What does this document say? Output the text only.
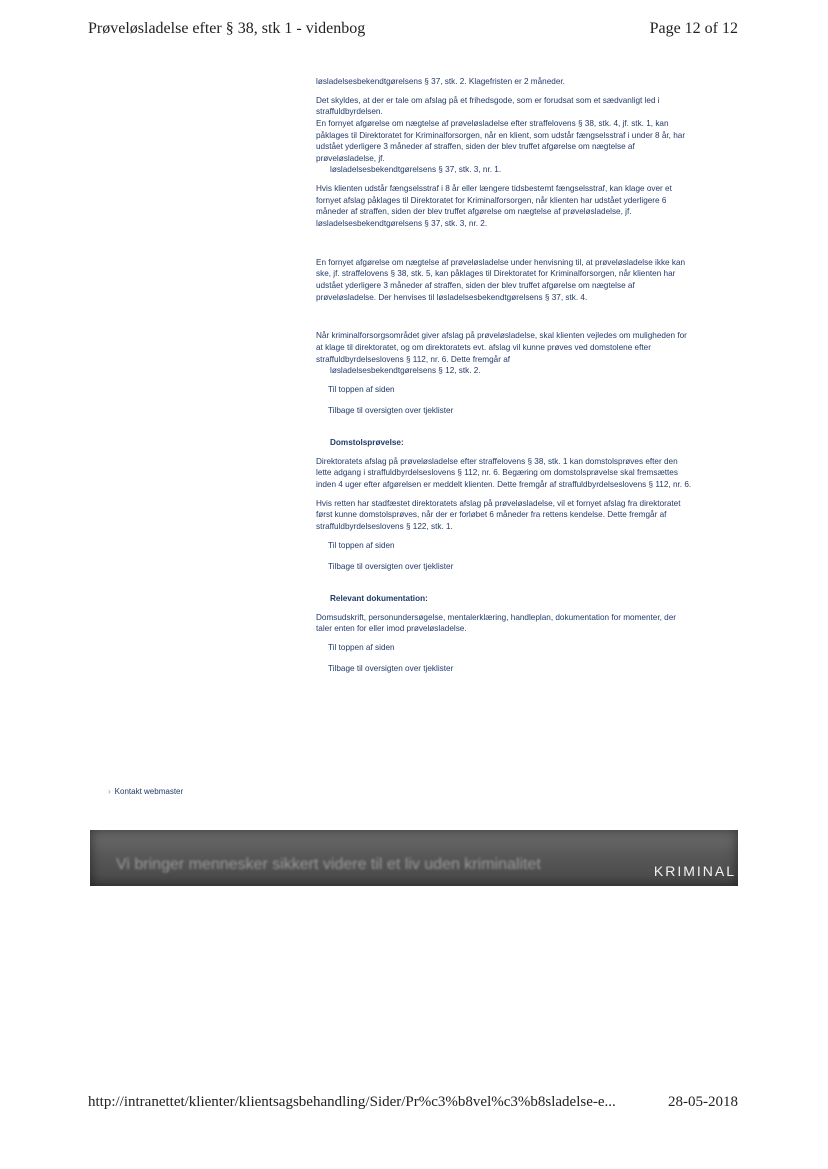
Prøveløsladelse efter § 38, stk 1 - videnbog	Page 12 of 12

løsladelsesbekendtgørelsens § 37, stk. 2. Klagefristen er 2 måneder.

Det skyldes, at der er tale om afslag på et frihedsgode, som er forudsat som et sædvanligt led i straffuldbyrdelsen.
En fornyet afgørelse om nægtelse af prøveløsladelse efter straffelovens § 38, stk. 4, jf. stk. 1, kan påklages til Direktoratet for Kriminalforsorgen, når en klient, som udstår fængselsstraf i under 8 år, har udstået yderligere 3 måneder af straffen, siden der blev truffet afgørelse om nægtelse af prøveløsladelse, jf.
løsladelsesbekendtgørelsens § 37, stk. 3, nr. 1.

Hvis klienten udstår fængselsstraf i 8 år eller længere tidsbestemt fængselsstraf, kan klage over et fornyet afslag påklages til Direktoratet for Kriminalforsorgen, når klienten har udstået yderligere 6 måneder af straffen, siden der blev truffet afgørelse om nægtelse af prøveløsladelse, jf. løsladelsesbekendtgørelsens § 37, stk. 3, nr. 2.

En fornyet afgørelse om nægtelse af prøveløsladelse under henvisning til, at prøveløsladelse ikke kan ske, jf. straffelovens § 38, stk. 5, kan påklages til Direktoratet for Kriminalforsorgen, når klienten har udstået yderligere 3 måneder af straffen, siden der blev truffet afgørelse om nægtelse af prøveløsladelse. Der henvises til løsladelsesbekendtgørelsens § 37, stk. 4.

Når kriminalforsorgsområdet giver afslag på prøveløsladelse, skal klienten vejledes om muligheden for at klage til direktoratet, og om direktoratets evt. afslag vil kunne prøves ved domstolene efter straffuldbyrdelseslovens § 112, nr. 6. Dette fremgår af
løsladelsesbekendtgørelsens § 12, stk. 2.

Til toppen af siden
Tilbage til oversigten over tjeklister
Domstolsprøvelse:

Direktoratets afslag på prøveløsladelse efter straffelovens § 38, stk. 1 kan domstolsprøves efter den lette adgang i straffuldbyrdelseslovens § 112, nr. 6. Begæring om domstolsprøvelse skal fremsættes inden 4 uger efter afgørelsen er meddelt klienten. Dette fremgår af straffuldbyrdelseslovens § 112, nr. 6.

Hvis retten har stadfæstet direktoratets afslag på prøveløsladelse, vil et fornyet afslag fra direktoratet først kunne domstolsprøves, når der er forløbet 6 måneder fra rettens kendelse. Dette fremgår af straffuldbyrdelseslovens § 122, stk. 1.

Til toppen af siden
Tilbage til oversigten over tjeklister
Relevant dokumentation:

Domsudskrift, personundersøgelse, mentalerklæring, handleplan, dokumentation for momenter, der taler enten for eller imod prøveløsladelse.

Til toppen af siden
Tilbage til oversigten over tjeklister
› Kontakt webmaster
Vi bringer mennesker sikkert videre til et liv uden kriminalitet	KRIMINAL
http://intranettet/klienter/klientsagsbehandling/Sider/Pr%c3%b8vel%c3%b8sladelse-e...	28-05-2018
